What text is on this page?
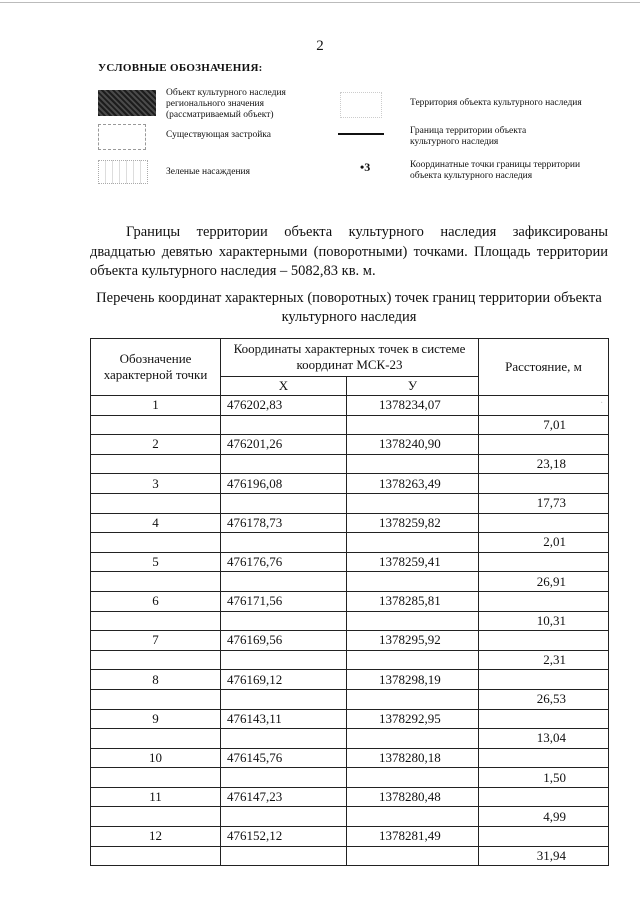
2
УСЛОВНЫЕ ОБОЗНАЧЕНИЯ:
Объект культурного наследия регионального значения (рассматриваемый объект)
Существующая застройка
Зеленые насаждения
Территория объекта культурного наследия
Граница территории объекта культурного наследия
•3	Координатные точки границы территории объекта культурного наследия
Границы территории объекта культурного наследия зафиксированы двадцатью девятью характерными (поворотными) точками. Площадь территории объекта культурного наследия – 5082,83 кв. м.
Перечень координат характерных (поворотных) точек границ территории объекта культурного наследия
Обозначение характерной точки	Координаты характерных точек в системе координат МСК-23		Расстояние, м
	X	У	
1	476202,83	1378234,07	
			7,01
2	476201,26	1378240,90	
			23,18
3	476196,08	1378263,49	
			17,73
4	476178,73	1378259,82	
			2,01
5	476176,76	1378259,41	
			26,91
6	476171,56	1378285,81	
			10,31
7	476169,56	1378295,92	
			2,31
8	476169,12	1378298,19	
			26,53
9	476143,11	1378292,95	
			13,04
10	476145,76	1378280,18	
			1,50
11	476147,23	1378280,48	
			4,99
12	476152,12	1378281,49	
			31,94
·
